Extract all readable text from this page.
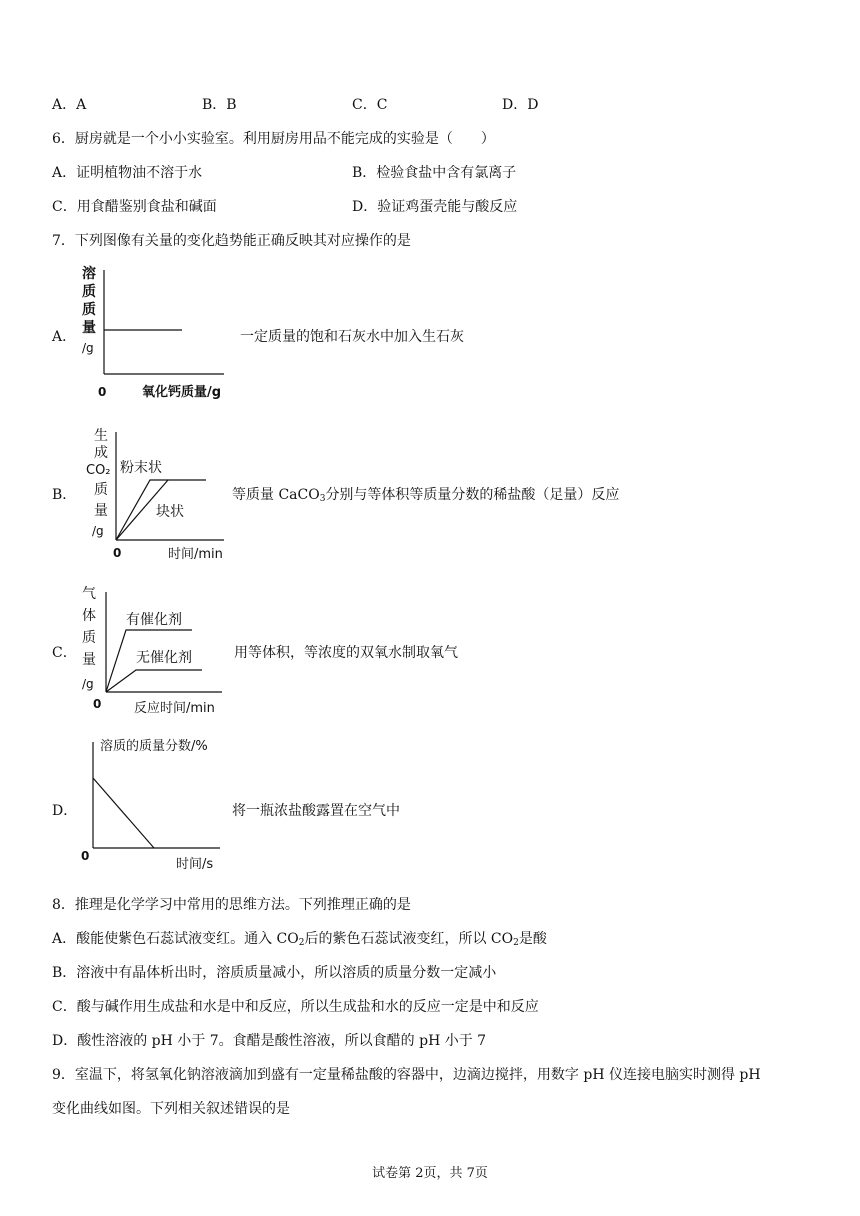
A．A	B．B	C．C	D．D
6．厨房就是一个小小实验室。利用厨房用品不能完成的实验是（　　）
A．证明植物油不溶于水	B．检验食盐中含有氯离子
C．用食醋鉴别食盐和碱面	D．验证鸡蛋壳能与酸反应
7．下列图像有关量的变化趋势能正确反映其对应操作的是
A．
溶
质
质
量
/g
0	氧化钙质量/g
一定质量的饱和石灰水中加入生石灰
B．
生
成
CO₂
质
量
/g
粉末状
块状
0	时间/min
等质量 CaCO$_3$分别与等体积等质量分数的稀盐酸（足量）反应
C．
气
体
质
量
/g
有催化剂
无催化剂
0	反应时间/min
用等体积，等浓度的双氧水制取氧气
D．
溶质的质量分数/%
0
时间/s
将一瓶浓盐酸露置在空气中
8．推理是化学学习中常用的思维方法。下列推理正确的是
A．酸能使紫色石蕊试液变红。通入 $CO_2$后的紫色石蕊试液变红，所以 $CO_2$是酸
B．溶液中有晶体析出时，溶质质量减小，所以溶质的质量分数一定减小
C．酸与碱作用生成盐和水是中和反应，所以生成盐和水的反应一定是中和反应
D．酸性溶液的 pH 小于 7。食醋是酸性溶液，所以食醋的 pH 小于 7
9．室温下，将氢氧化钠溶液滴加到盛有一定量稀盐酸的容器中，边滴边搅拌，用数字 pH 仪连接电脑实时测得 pH
变化曲线如图。下列相关叙述错误的是
试卷第 2页，共 7页
